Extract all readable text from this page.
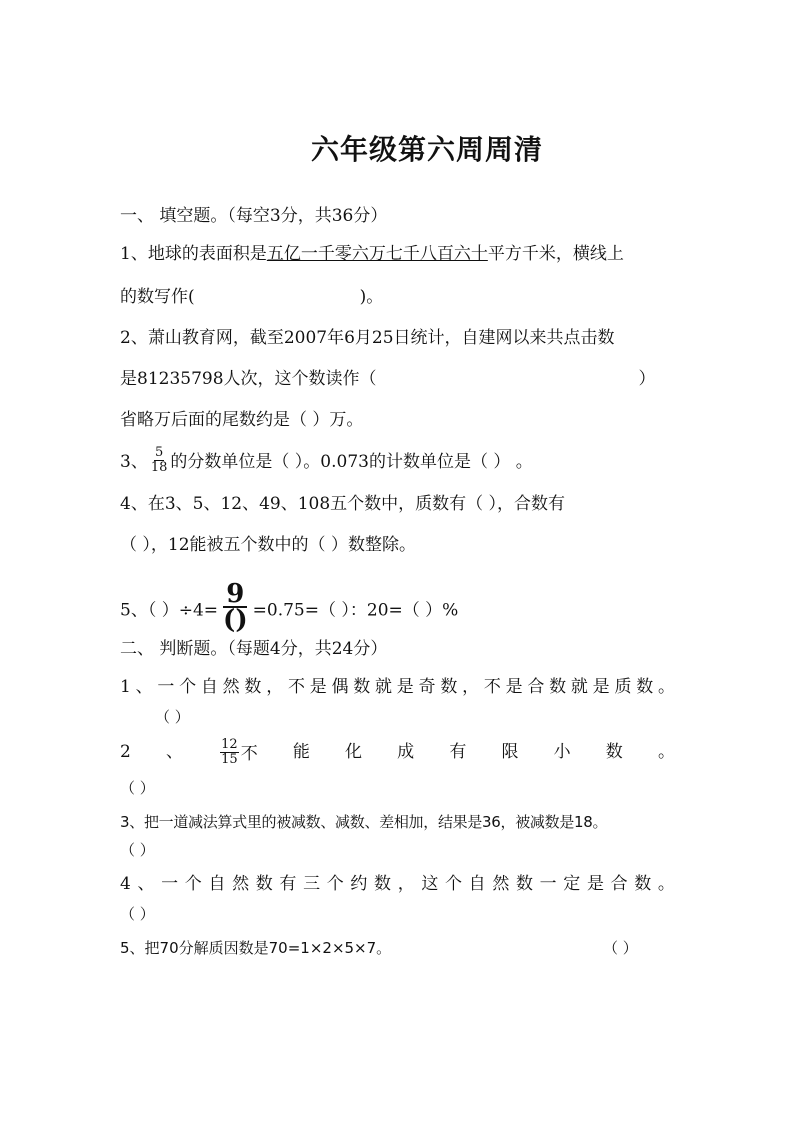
六年级第六周周清
一、 填空题。（每空3分，共36分）
1、地球的表面积是五亿一千零六万七千八百六十平方千米，横线上
的数写作(	)。
2、萧山教育网，截至2007年6月25日统计，自建网以来共点击数
是81235798人次，这个数读作（	）
省略万后面的尾数约是（ ）万。
3、 $\frac{5}{18}$ 的分数单位是（ ）。0.073的计数单位是（ ） 。
4、在3、5、12、49、108五个数中，质数有（ ），合数有
（ ），12能被五个数中的（ ）数整除。
5、（ ）$\div 4= \frac{9}{()} =0.75=$（ ）：20=（ ）%
二、 判断题。（每题4分，共24分）
1 、 一 个 自 然 数 ， 不 是 偶 数 就 是 奇 数 ， 不 是 合 数 就 是 质 数 。
（ ）
2 、	$\frac{12}{15}$ 不 能 化 成 有 限 小 数 。
（ ）
3、把一道减法算式里的被减数、减数、差相加，结果是36，被减数是18。
（ ）
4 、 一 个 自 然 数 有 三 个 约 数 ， 这 个 自 然 数 一 定 是 合 数 。
（ ）
5、把70分解质因数是70=1×2×5×7。	（ ）
